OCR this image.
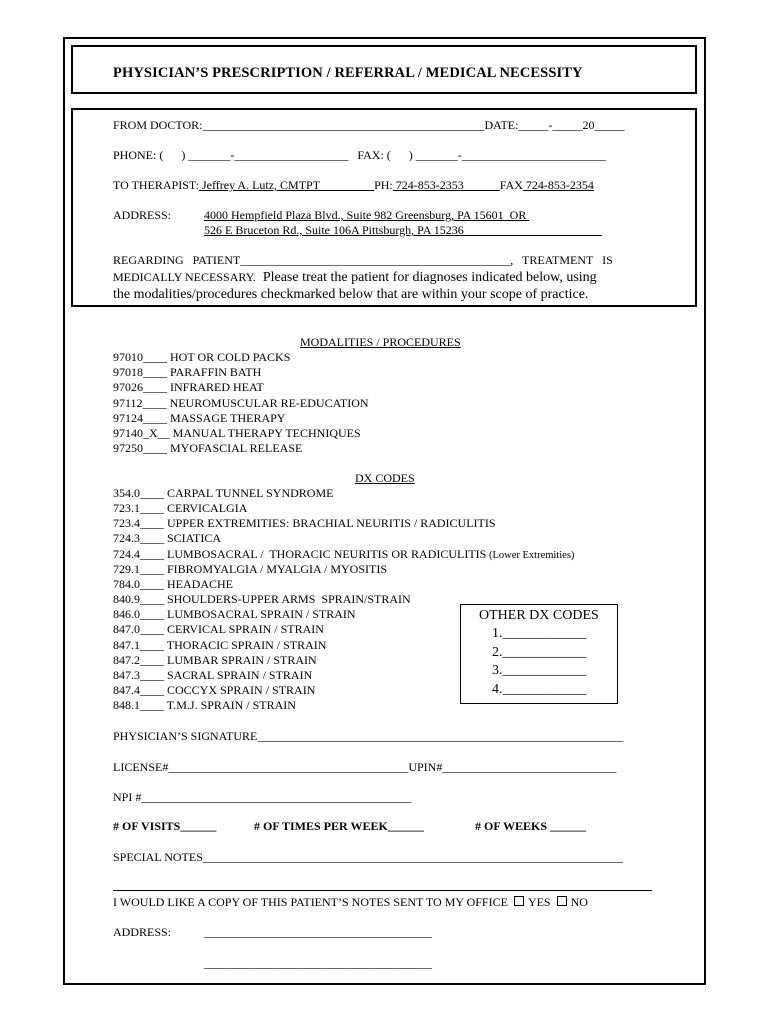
PHYSICIAN’S PRESCRIPTION / REFERRAL / MEDICAL NECESSITY
FROM DOCTOR:_______________________________________________DATE:_____-_____20_____
PHONE: (      ) _______-___________________   FAX: (      ) _______-________________________
TO THERAPIST: Jeffrey A. Lutz, CMTPT_________PH: 724-853-2353______FAX 724-853-2354
ADDRESS:	4000 Hempfield Plaza Blvd., Suite 982 Greensburg, PA 15601  OR
526 E Bruceton Rd., Suite 106A Pittsburgh, PA 15236_______________________
REGARDING   PATIENT_____________________________________________,   TREATMENT   IS
MEDICALLY NECESSARY.  Please treat the patient for diagnoses indicated below, using
the modalities/procedures checkmarked below that are within your scope of practice.
MODALITIES / PROCEDURES
97010____ HOT OR COLD PACKS
97018____ PARAFFIN BATH
97026____ INFRARED HEAT
97112____ NEUROMUSCULAR RE-EDUCATION
97124____ MASSAGE THERAPY
97140_X__ MANUAL THERAPY TECHNIQUES
97250____ MYOFASCIAL RELEASE
DX CODES
354.0____ CARPAL TUNNEL SYNDROME
723.1____ CERVICALGIA
723.4____ UPPER EXTREMITIES: BRACHIAL NEURITIS / RADICULITIS
724.3____ SCIATICA
724.4____ LUMBOSACRAL /  THORACIC NEURITIS OR RADICULITIS (Lower Extremities)
729.1____ FIBROMYALGIA / MYALGIA / MYOSITIS
784.0____ HEADACHE
840.9____ SHOULDERS-UPPER ARMS  SPRAIN/STRAIN
846.0____ LUMBOSACRAL SPRAIN / STRAIN
847.0____ CERVICAL SPRAIN / STRAIN
847.1____ THORACIC SPRAIN / STRAIN
847.2____ LUMBAR SPRAIN / STRAIN
847.3____ SACRAL SPRAIN / STRAIN
847.4____ COCCYX SPRAIN / STRAIN
848.1____ T.M.J. SPRAIN / STRAIN
OTHER DX CODES
1.____________
2.____________
3.____________
4.____________
PHYSICIAN’S SIGNATURE_____________________________________________________________
LICENSE#________________________________________UPIN#_____________________________
NPI #_____________________________________________
# OF VISITS______	# OF TIMES PER WEEK______	# OF WEEKS ______
SPECIAL NOTES______________________________________________________________________
I WOULD LIKE A COPY OF THIS PATIENT’S NOTES SENT TO MY OFFICE YES NO
ADDRESS:	______________________________________
______________________________________
